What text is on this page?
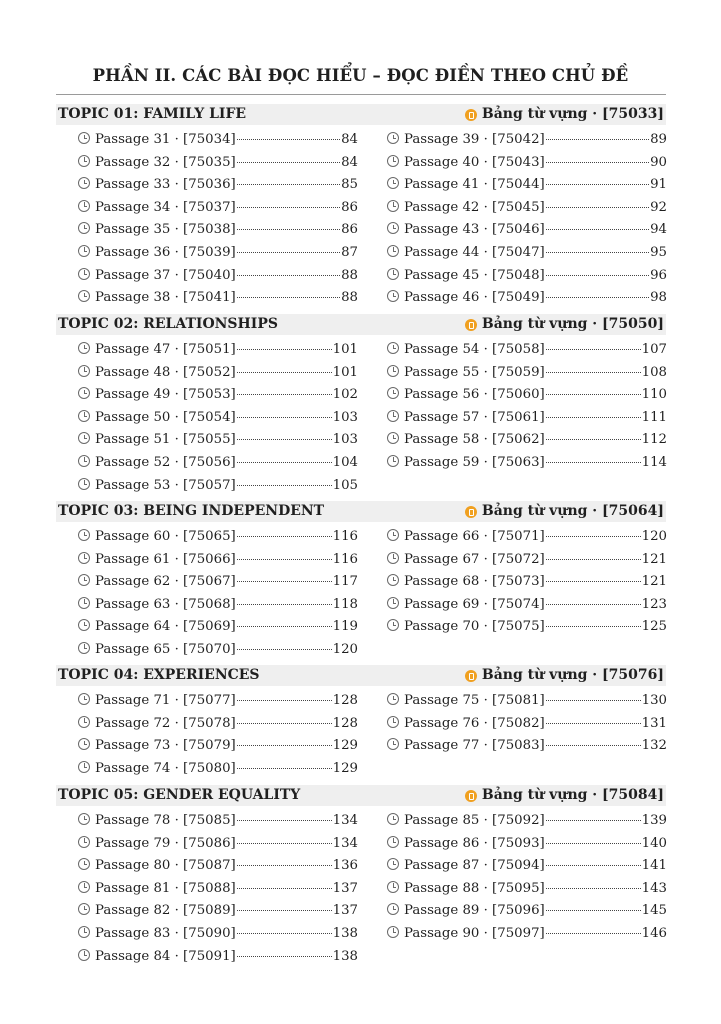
PHẦN II. CÁC BÀI ĐỌC HIỂU – ĐỌC ĐIỀN THEO CHỦ ĐỀ
TOPIC 01: FAMILY LIFE	Bảng từ vựng · [75033]
Passage 31 · [75034]	84
Passage 32 · [75035]	84
Passage 33 · [75036]	85
Passage 34 · [75037]	86
Passage 35 · [75038]	86
Passage 36 · [75039]	87
Passage 37 · [75040]	88
Passage 38 · [75041]	88
Passage 39 · [75042]	89
Passage 40 · [75043]	90
Passage 41 · [75044]	91
Passage 42 · [75045]	92
Passage 43 · [75046]	94
Passage 44 · [75047]	95
Passage 45 · [75048]	96
Passage 46 · [75049]	98
TOPIC 02: RELATIONSHIPS	Bảng từ vựng · [75050]
Passage 47 · [75051]	101
Passage 48 · [75052]	101
Passage 49 · [75053]	102
Passage 50 · [75054]	103
Passage 51 · [75055]	103
Passage 52 · [75056]	104
Passage 53 · [75057]	105
Passage 54 · [75058]	107
Passage 55 · [75059]	108
Passage 56 · [75060]	110
Passage 57 · [75061]	111
Passage 58 · [75062]	112
Passage 59 · [75063]	114
TOPIC 03: BEING INDEPENDENT	Bảng từ vựng · [75064]
Passage 60 · [75065]	116
Passage 61 · [75066]	116
Passage 62 · [75067]	117
Passage 63 · [75068]	118
Passage 64 · [75069]	119
Passage 65 · [75070]	120
Passage 66 · [75071]	120
Passage 67 · [75072]	121
Passage 68 · [75073]	121
Passage 69 · [75074]	123
Passage 70 · [75075]	125
TOPIC 04: EXPERIENCES	Bảng từ vựng · [75076]
Passage 71 · [75077]	128
Passage 72 · [75078]	128
Passage 73 · [75079]	129
Passage 74 · [75080]	129
Passage 75 · [75081]	130
Passage 76 · [75082]	131
Passage 77 · [75083]	132
TOPIC 05: GENDER EQUALITY	Bảng từ vựng · [75084]
Passage 78 · [75085]	134
Passage 79 · [75086]	134
Passage 80 · [75087]	136
Passage 81 · [75088]	137
Passage 82 · [75089]	137
Passage 83 · [75090]	138
Passage 84 · [75091]	138
Passage 85 · [75092]	139
Passage 86 · [75093]	140
Passage 87 · [75094]	141
Passage 88 · [75095]	143
Passage 89 · [75096]	145
Passage 90 · [75097]	146
